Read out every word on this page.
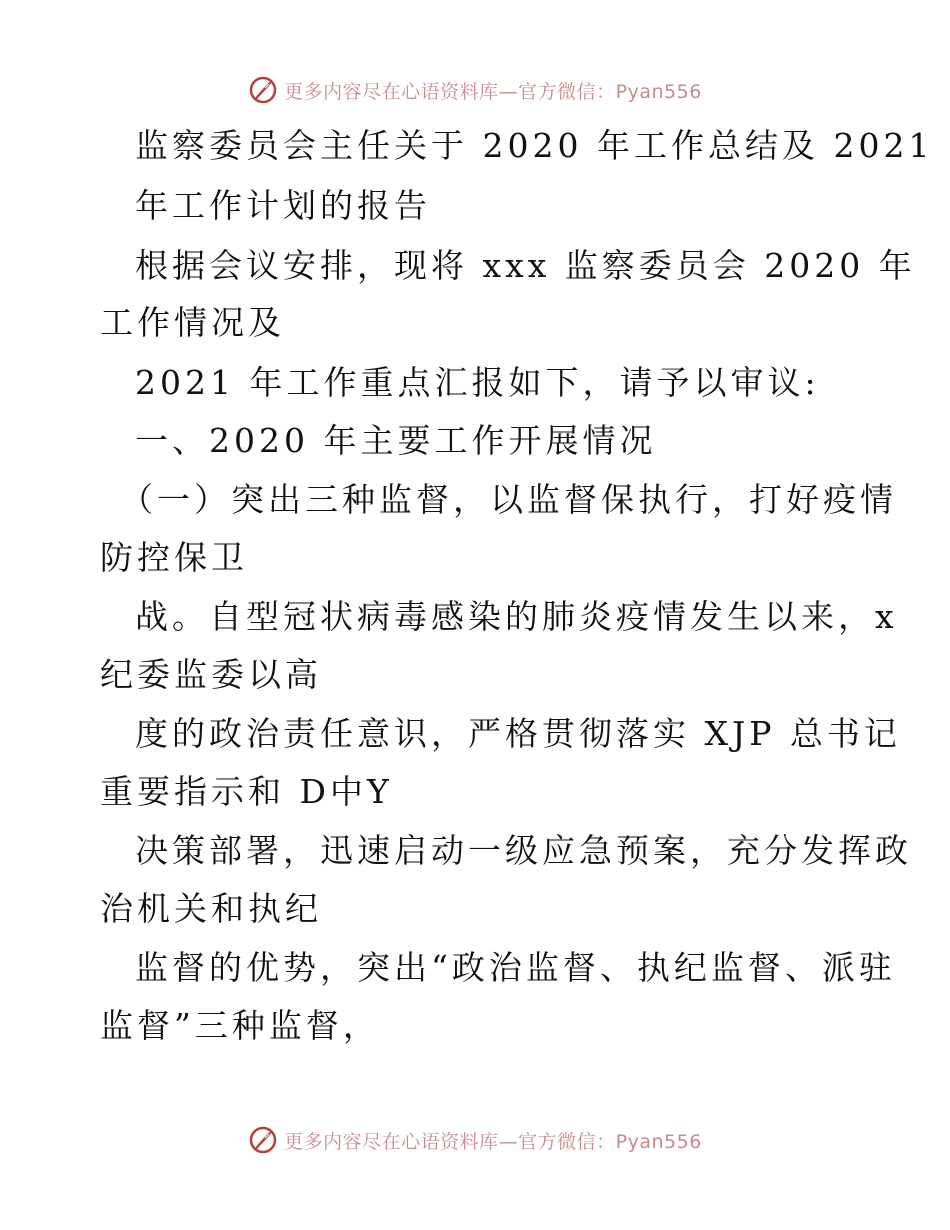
更多内容尽在心语资料库—官方微信：Pyan556
监察委员会主任关于 2020 年工作总结及 2021
年工作计划的报告
根据会议安排，现将 xxx 监察委员会 2020 年
工作情况及
2021 年工作重点汇报如下，请予以审议:
一、2020 年主要工作开展情况
（一）突出三种监督，以监督保执行，打好疫情
防控保卫
战。自型冠状病毒感染的肺炎疫情发生以来，x
纪委监委以高
度的政治责任意识，严格贯彻落实 XJP 总书记
重要指示和 D中Y
决策部署，迅速启动一级应急预案，充分发挥政
治机关和执纪
监督的优势，突出“政治监督、执纪监督、派驻
监督”三种监督，
更多内容尽在心语资料库—官方微信：Pyan556
